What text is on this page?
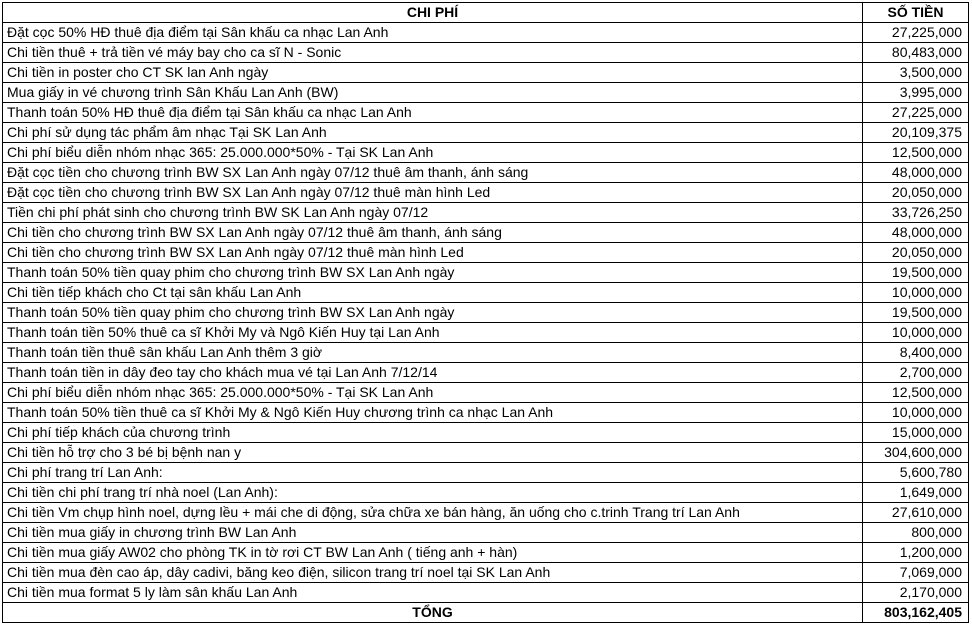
CHI PHÍ	SỐ TIỀN
Đặt cọc 50% HĐ thuê địa điểm tại Sân khấu ca nhạc Lan Anh	27,225,000
Chi tiền thuê + trả tiền vé máy bay cho ca sĩ N - Sonic	80,483,000
Chi tiền in poster cho CT SK lan Anh ngày	3,500,000
Mua giấy in vé chương trình Sân Khấu Lan Anh (BW)	3,995,000
Thanh toán 50% HĐ thuê địa điểm tại Sân khấu ca nhạc Lan Anh	27,225,000
Chi phí sử dụng tác phẩm âm nhạc Tại SK Lan Anh	20,109,375
Chi phí biểu diễn nhóm nhạc 365: 25.000.000*50% - Tại SK Lan Anh	12,500,000
Đặt cọc tiền cho chương trình BW SX Lan Anh ngày 07/12 thuê âm thanh, ánh sáng	48,000,000
Đặt cọc tiền cho chương trình BW SX Lan Anh ngày 07/12 thuê màn hình Led	20,050,000
Tiền chi phí phát sinh cho chương trình BW SK Lan Anh ngày 07/12	33,726,250
Chi tiền cho chương trình BW SX Lan Anh ngày 07/12 thuê âm thanh, ánh sáng	48,000,000
Chi tiền cho chương trình BW SX Lan Anh ngày 07/12 thuê màn hình Led	20,050,000
Thanh toán 50% tiền quay phim cho chương trình BW SX Lan Anh ngày	19,500,000
Chi tiền tiếp khách cho Ct tại sân khấu Lan Anh	10,000,000
Thanh toán 50% tiền quay phim cho chương trình BW SX Lan Anh ngày	19,500,000
Thanh toán tiền 50% thuê ca sĩ Khởi My và Ngô Kiến Huy tại Lan Anh	10,000,000
Thanh toán tiền thuê sân khấu Lan Anh thêm 3 giờ	8,400,000
Thanh toán tiền in dây đeo tay cho khách mua vé tại Lan Anh 7/12/14	2,700,000
Chi phí biểu diễn nhóm nhạc 365: 25.000.000*50% - Tại SK Lan Anh	12,500,000
Thanh toán 50% tiền thuê ca sĩ Khởi My & Ngô Kiến Huy chương trình ca nhạc Lan Anh	10,000,000
Chi phí tiếp khách của chương trình	15,000,000
Chi tiền hỗ trợ cho 3 bé bị bệnh nan y	304,600,000
Chi phí trang trí Lan Anh:	5,600,780
Chi tiền chi phí trang trí nhà noel (Lan Anh):	1,649,000
Chi tiền Vm chụp hình noel, dựng lều + mái che di động, sửa chữa xe bán hàng, ăn uống cho c.trinh Trang trí Lan Anh	27,610,000
Chi tiền mua giấy in chương trình BW Lan Anh	800,000
Chi tiền mua giấy AW02 cho phòng TK in tờ rơi CT BW Lan Anh ( tiếng anh + hàn)	1,200,000
Chi tiền mua đèn cao áp, dây cadivi, băng keo điện, silicon trang trí noel tại SK Lan Anh	7,069,000
Chi tiền mua format 5 ly làm sân khấu Lan Anh	2,170,000
TỔNG	803,162,405
